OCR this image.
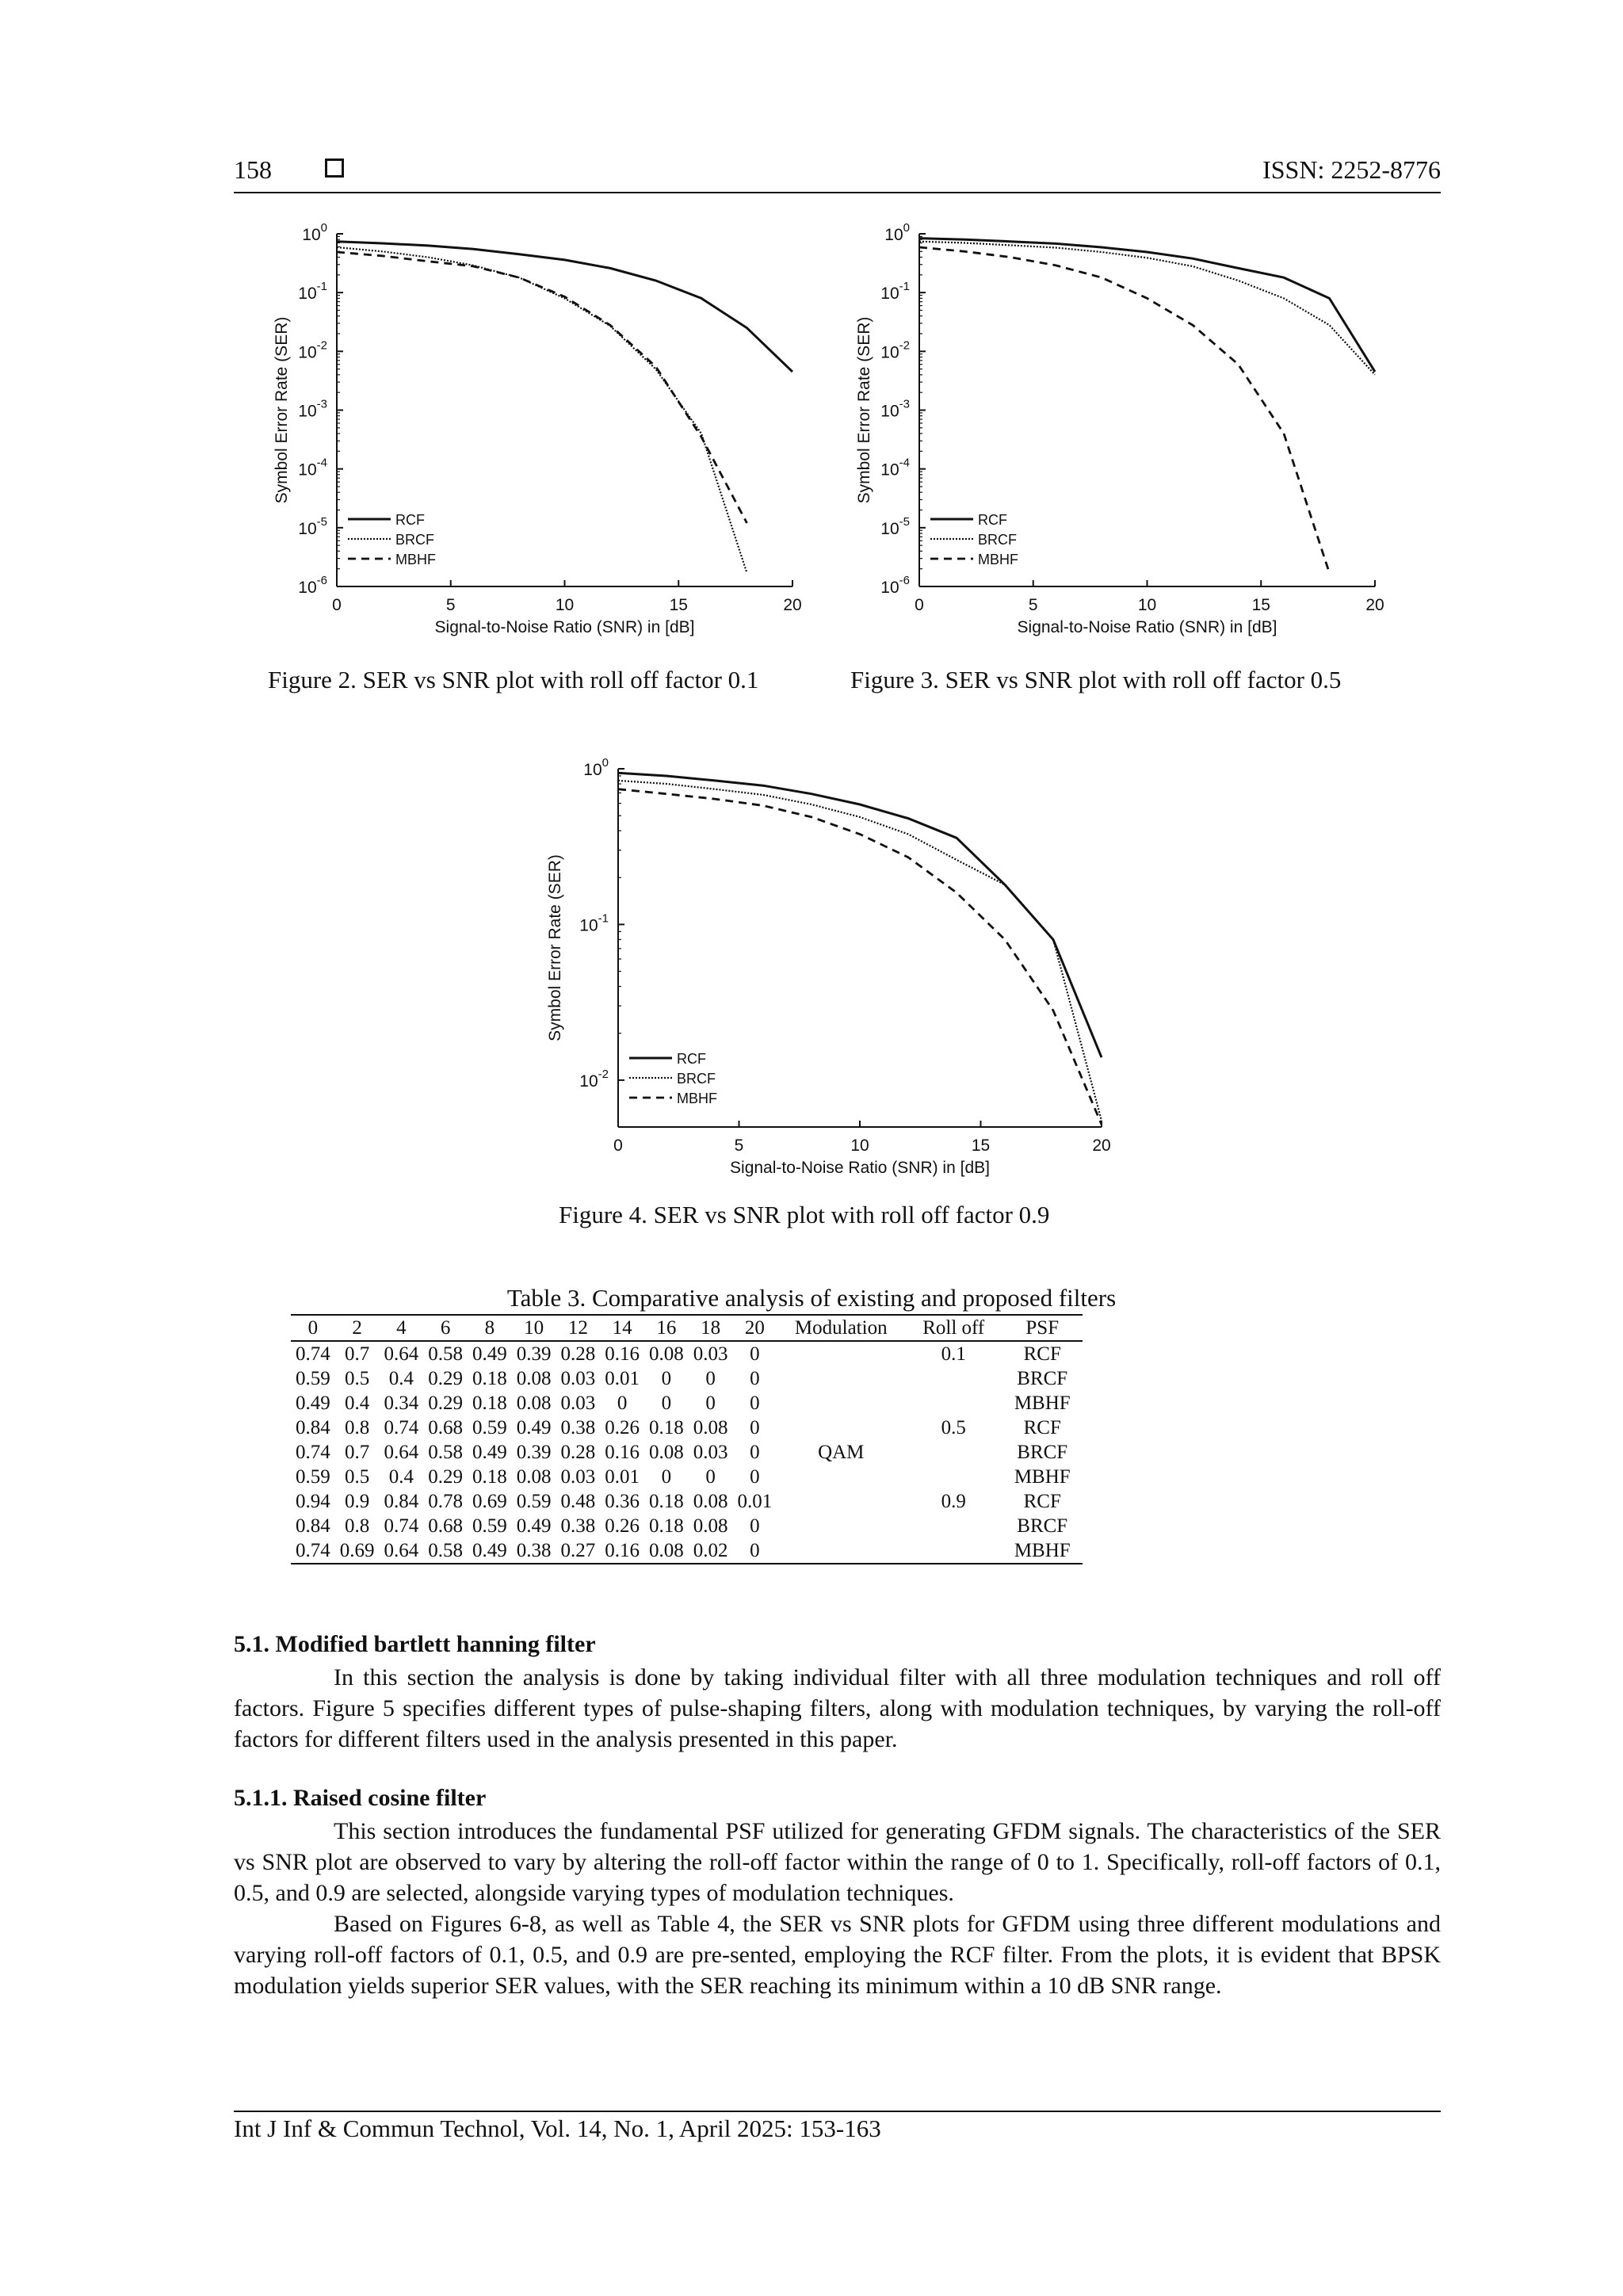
158	ISSN: 2252-8776
0	5	10	15	20
$10^0$
$10^{-1}$
$10^{-2}$
$10^{-3}$
$10^{-4}$
$10^{-5}$
$10^{-6}$
Signal-to-Noise Ratio (SNR) in [dB]
Symbol Error Rate (SER)
RCF
BRCF
MBHF
0	5	10	15	20
$10^0$
$10^{-1}$
$10^{-2}$
$10^{-3}$
$10^{-4}$
$10^{-5}$
$10^{-6}$
Signal-to-Noise Ratio (SNR) in [dB]
Symbol Error Rate (SER)
RCF
BRCF
MBHF
Figure 2. SER vs SNR plot with roll off factor 0.1	Figure 3. SER vs SNR plot with roll off factor 0.5
0	5	10	15	20
$10^0$
$10^{-1}$
$10^{-2}$
Signal-to-Noise Ratio (SNR) in [dB]
Symbol Error Rate (SER)
RCF
BRCF
MBHF
Figure 4. SER vs SNR plot with roll off factor 0.9
Table 3. Comparative analysis of existing and proposed filters
0	2	4	6	8	10	12	14	16	18	20	Modulation	Roll off	PSF
0.74	0.7	0.64	0.58	0.49	0.39	0.28	0.16	0.08	0.03	0		0.1	RCF
0.59	0.5	0.4	0.29	0.18	0.08	0.03	0.01	0	0	0			BRCF
0.49	0.4	0.34	0.29	0.18	0.08	0.03	0	0	0	0			MBHF
0.84	0.8	0.74	0.68	0.59	0.49	0.38	0.26	0.18	0.08	0		0.5	RCF
0.74	0.7	0.64	0.58	0.49	0.39	0.28	0.16	0.08	0.03	0	QAM		BRCF
0.59	0.5	0.4	0.29	0.18	0.08	0.03	0.01	0	0	0			MBHF
0.94	0.9	0.84	0.78	0.69	0.59	0.48	0.36	0.18	0.08	0.01		0.9	RCF
0.84	0.8	0.74	0.68	0.59	0.49	0.38	0.26	0.18	0.08	0			BRCF
0.74	0.69	0.64	0.58	0.49	0.38	0.27	0.16	0.08	0.02	0			MBHF
5.1. Modified bartlett hanning filter

In this section the analysis is done by taking individual filter with all three modulation techniques and roll off factors. Figure 5 specifies different types of pulse-shaping filters, along with modulation techniques, by varying the roll-off factors for different filters used in the analysis presented in this paper.

5.1.1. Raised cosine filter

This section introduces the fundamental PSF utilized for generating GFDM signals. The characteristics of the SER vs SNR plot are observed to vary by altering the roll-off factor within the range of 0 to 1. Specifically, roll-off factors of 0.1, 0.5, and 0.9 are selected, alongside varying types of modulation techniques.

Based on Figures 6-8, as well as Table 4, the SER vs SNR plots for GFDM using three different modulations and varying roll-off factors of 0.1, 0.5, and 0.9 are pre-sented, employing the RCF filter. From the plots, it is evident that BPSK modulation yields superior SER values, with the SER reaching its minimum within a 10 dB SNR range.

Int J Inf & Commun Technol, Vol. 14, No. 1, April 2025: 153-163
